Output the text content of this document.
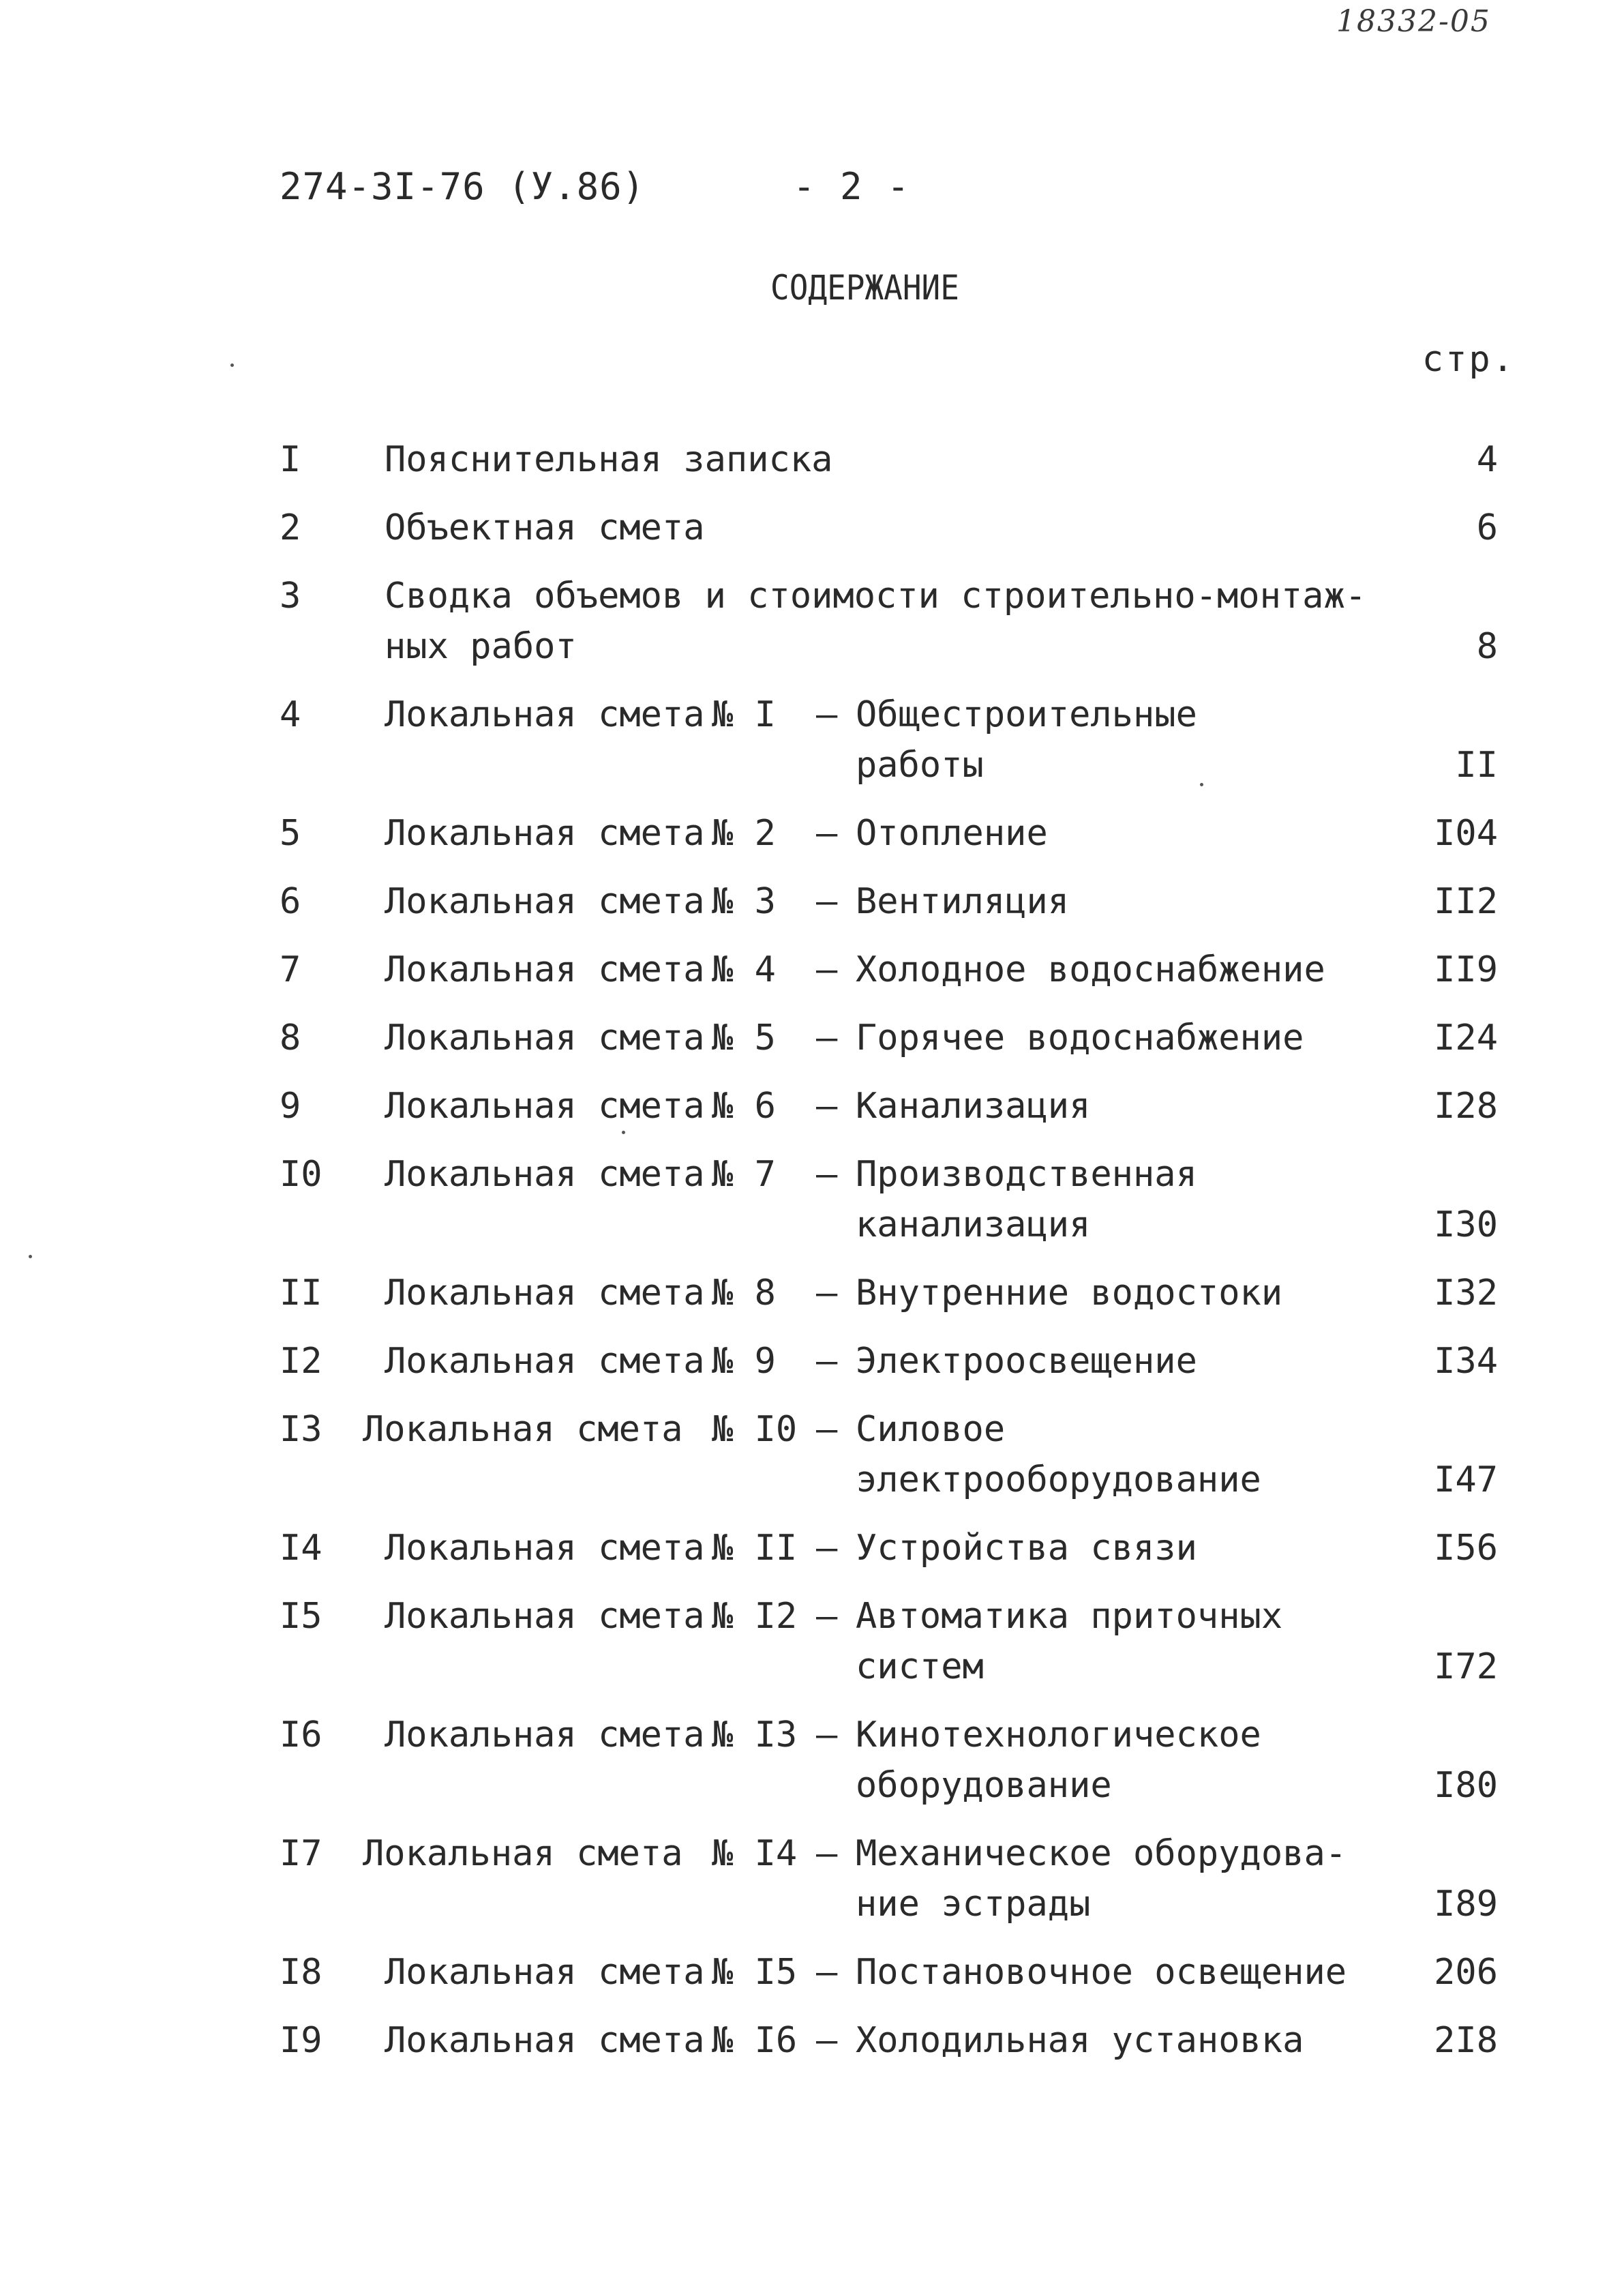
18332-05
274-3I-76 (У.86)	- 2 -
СОДЕРЖАНИЕ
стр.
I Пояснительная записка	4
2 Объектная смета	6
3 Сводка объемов и стоимости строительно-монтаж-
ных работ	8
4 Локальная смета № I – Общестроительные
работы	II
5 Локальная смета № 2 – Отопление	I04
6 Локальная смета № 3 – Вентиляция	II2
7 Локальная смета № 4 – Холодное водоснабжение	II9
8 Локальная смета № 5 – Горячее водоснабжение	I24
9 Локальная смета № 6 – Канализация	I28
I0 Локальная смета № 7 – Производственная
канализация	I30
II Локальная смета № 8 – Внутренние водостоки	I32
I2 Локальная смета № 9 – Электроосвещение	I34
I3 Локальная смета № I0 – Силовое
электрооборудование	I47
I4 Локальная смета № II – Устройства связи	I56
I5 Локальная смета № I2 – Автоматика приточных
систем	I72
I6 Локальная смета № I3 – Кинотехнологическое
оборудование	I80
I7 Локальная смета № I4 – Механическое оборудова-
ние эстрады	I89
I8 Локальная смета № I5 – Постановочное освещение 206
I9 Локальная смета № I6 – Холодильная установка	2I8
